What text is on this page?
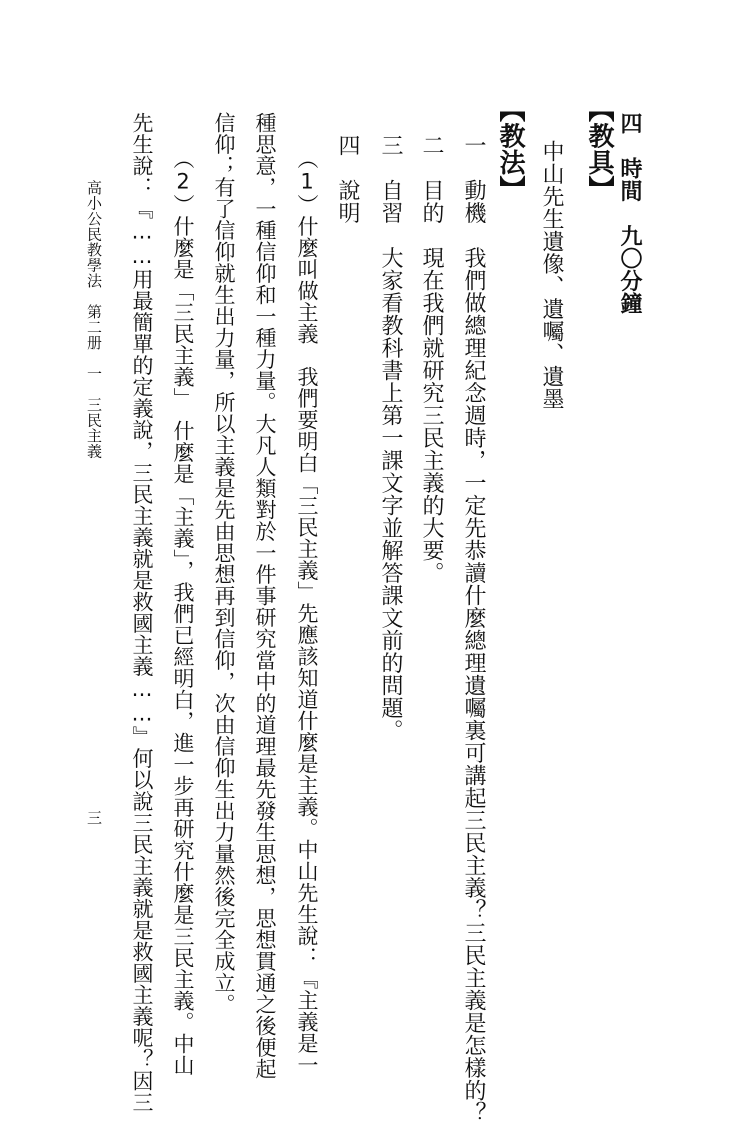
四　時間　九〇分鐘
【教具】
中山先生遺像、遺囑、遺墨
【教法】
一　動機　我們做總理紀念週時，一定先恭讀什麼總理遺囑裏可講起三民主義？三民主義是怎樣的？
二　目的　現在我們就研究三民主義的大要。
三　自習　大家看教科書上第一課文字並解答課文前的問題。
四　說明
（1）什麼叫做主義　我們要明白「三民主義」先應該知道什麼是主義。中山先生說：『主義是一
種思意，一種信仰和一種力量。大凡人類對於一件事研究當中的道理最先發生思想，思想貫通之後便起
信仰；有了信仰就生出力量，所以主義是先由思想再到信仰，次由信仰生出力量然後完全成立。
（2）什麼是「三民主義」　什麼是「主義」，我們已經明白，進一步再研究什麼是三民主義。中山
先生說：『……用最簡單的定義說，三民主義就是救國主義……』何以說三民主義就是救國主義呢？因三
高小公民教學法　第二册　一　三民主義
三
